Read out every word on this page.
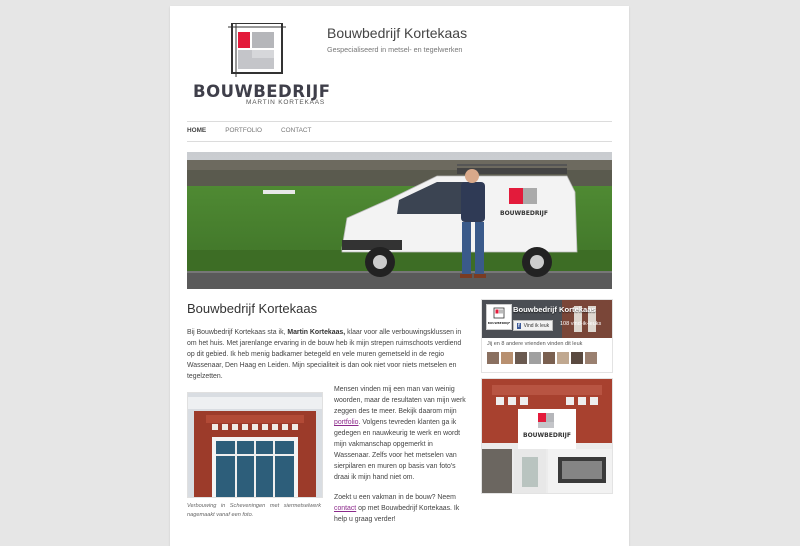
BOUWBEDRIJF
MARTIN KORTEKAAS
Bouwbedrijf Kortekaas
Gespecialiseerd in metsel- en tegelwerken
HOME	PORTFOLIO	CONTACT
BOUWBEDRIJF
Bouwbedrijf Kortekaas
Bij Bouwbedrijf Kortekaas sta ik, Martin Kortekaas, klaar voor alle verbouwingsklussen in om het huis. Met jarenlange ervaring in de bouw heb ik mijn strepen ruimschoots verdiend op dit gebied. Ik heb menig badkamer betegeld en vele muren gemetseld in de regio Wassenaar, Den Haag en Leiden. Mijn specialiteit is dan ook niet voor niets metselen en tegelzetten.
Verbouwing in Scheveningen met siermetselwerk nagemaakt vanaf een foto.

Mensen vinden mij een man van weinig woorden, maar de resultaten van mijn werk zeggen des te meer. Bekijk daarom mijn portfolio. Volgens tevreden klanten ga ik gedegen en nauwkeurig te werk en wordt mijn vakmanschap opgemerkt in Wassenaar. Zelfs voor het metselen van sierpilaren en muren op basis van foto's draai ik mijn hand niet om.

Zoekt u een vakman in de bouw? Neem contact op met Bouwbedrijf Kortekaas. Ik help u graag verder!

BOUWBEDRIJF
Bouwbedrijf Kortekaas
f Vind ik leuk 108 vind-ik-leuks
Jij en 8 andere vrienden vinden dit leuk
BOUWBEDRIJF
